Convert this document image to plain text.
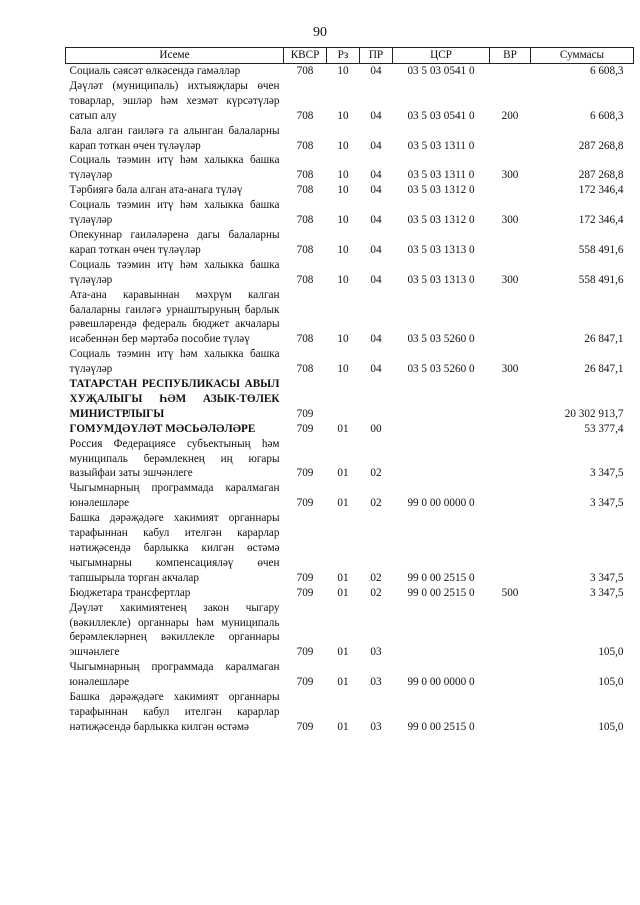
90
Исеме	КВСР	Рз	ПР	ЦСР	ВР	Суммасы
Социаль сәясәт өлкәсендә гамәлләр	708	10	04	03 5 03 0541 0		6 608,3
Дәүләт (муниципаль) ихтыяҗлары өчен товарлар, эшләр һәм хезмәт күрсәтүләр сатып алу	708	10	04	03 5 03 0541 0	200	6 608,3
Бала алган гаиләгә га алынган балаларны карап тоткан өчен түләүләр	708	10	04	03 5 03 1311 0		287 268,8
Социаль тәэмин итү һәм халыкка башка түләүләр	708	10	04	03 5 03 1311 0	300	287 268,8
Тәрбиягә бала алган ата-анага түләү	708	10	04	03 5 03 1312 0		172 346,4
Социаль тәэмин итү һәм халыкка башка түләүләр	708	10	04	03 5 03 1312 0	300	172 346,4
Опекуннар гаиләләренә дагы балаларны карап тоткан өчен түләүләр	708	10	04	03 5 03 1313 0		558 491,6
Социаль тәэмин итү һәм халыкка башка түләүләр	708	10	04	03 5 03 1313 0	300	558 491,6
Ата-ана каравыннан мәхрүм калган балаларны гаиләгә урнаштыруның барлык рәвешләрендә федераль бюджет акчалары исәбеннән бер мәртәбә пособие түләү	708	10	04	03 5 03 5260 0		26 847,1
Социаль тәэмин итү һәм халыкка башка түләүләр	708	10	04	03 5 03 5260 0	300	26 847,1
ТАТАРСТАН РЕСПУБЛИКАСЫ АВЫЛ ХУҖАЛЫГЫ ҺӘМ АЗЫК-ТӨЛЕК МИНИСТРЛЫГЫ	709					20 302 913,7
ГОМУМДӘҮЛӘТ МӘСЬӘЛӘЛӘРЕ	709	01	00			53 377,4
Россия Федерациясе субъектының һәм муниципаль берәмлекнең иң югары вазыйфаи заты эшчәнлеге	709	01	02			3 347,5
Чыгымнарның программада каралмаган юнәлешләре	709	01	02	99 0 00 0000 0		3 347,5
Башка дәрәҗәдәге хакимият органнары тарафыннан кабул ителгән карарлар нәтиҗәсендә барлыкка килгән өстәмә чыгымнарны компенсацияләү өчен тапшырыла торган акчалар	709	01	02	99 0 00 2515 0		3 347,5
Бюджетара трансфертлар	709	01	02	99 0 00 2515 0	500	3 347,5
Дәүләт хакимиятенең закон чыгару (вәкиллекле) органнары һәм муниципаль берәмлекләрнең вәкиллекле органнары эшчәнлеге	709	01	03			105,0
Чыгымнарның программада каралмаган юнәлешләре	709	01	03	99 0 00 0000 0		105,0
Башка дәрәҗәдәге хакимият органнары тарафыннан кабул ителгән карарлар нәтиҗәсендә барлыкка килгән өстәмә	709	01	03	99 0 00 2515 0		105,0
